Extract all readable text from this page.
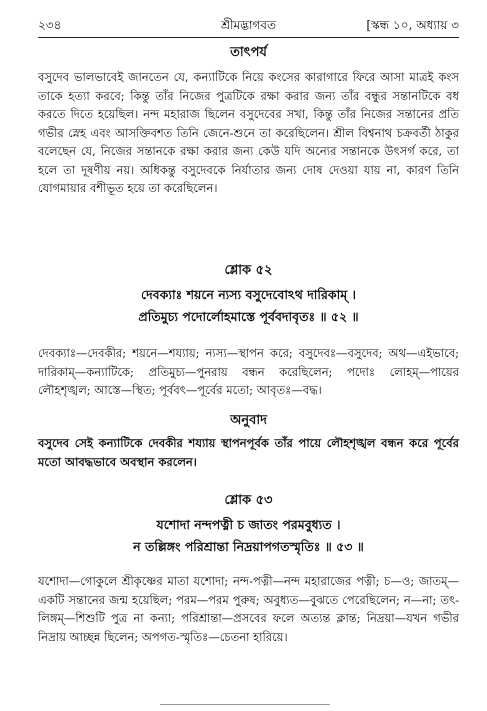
২৩৪	শ্রীমদ্ভাগবত	[স্কন্ধ ১০, অধ্যায় ৩
তাৎপর্য
বসুদেব ভালভাবেই জানতেন যে, কন্যাটিকে নিয়ে কংসের কারাগারে ফিরে আসা মাত্রই কংস তাকে হত্যা করবে; কিন্তু তাঁর নিজের পুত্রটিকে রক্ষা করার জন্য তাঁর বন্ধুর সন্তানটিকে বধ করতে দিতে হয়েছিল। নন্দ মহারাজ ছিলেন বসুদেবের সখা, কিন্তু তাঁর নিজের সন্তানের প্রতি গভীর স্নেহ এবং আসক্তিবশত তিনি জেনে-শুনে তা করেছিলেন। শ্রীল বিশ্বনাথ চক্রবর্তী ঠাকুর বলেছেন যে, নিজের সন্তানকে রক্ষা করার জন্য কেউ যদি অন্যের সন্তানকে উৎসর্গ করে, তা হলে তা দূষণীয় নয়। অধিকন্তু বসুদেবকে নির্যাতার জন্য দোষ দেওয়া যায় না, কারণ তিনি যোগমায়ার বশীভূত হয়ে তা করেছিলেন।
শ্লোক ৫২
দেবক্যাঃ শয়নে ন্যস্য বসুদেবোঽথ দারিকাম্ ।
প্রতিমুচ্য পদোর্লোহমাস্তে পূর্ববদাবৃতঃ ॥ ৫২ ॥
দেবক্যাঃ—দেবকীর; শয়নে—শয্যায়; ন্যস্য—স্থাপন করে; বসুদেবঃ—বসুদেব; অথ—এইভাবে; দারিকাম্—কন্যাটিকে; প্রতিমুচ্য—পুনরায় বন্ধন করেছিলেন; পদোঃ লোহম্—পায়ের লৌহশৃঙ্খল; আস্তে—স্থিত; পূর্ববৎ—পূর্বের মতো; আবৃতঃ—বদ্ধ।
অনুবাদ
বসুদেব সেই কন্যাটিকে দেবকীর শয্যায় স্থাপনপূর্বক তাঁর পায়ে লৌহশৃঙ্খল বন্ধন করে পূর্বের মতো আবদ্ধভাবে অবস্থান করলেন।
শ্লোক ৫৩
যশোদা নন্দপত্নী চ জাতং পরমবুধ্যত ।
ন তল্লিঙ্গং পরিশ্রান্তা নিদ্রয়াপগতস্মৃতিঃ ॥ ৫৩ ॥
যশোদা—গোকুলে শ্রীকৃষ্ণের মাতা যশোদা; নন্দ-পত্নী—নন্দ মহারাজের পত্নী; চ—ও; জাতম্—একটি সন্তানের জন্ম হয়েছিল; পরম—পরম পুরুষ; অবুধ্যত—বুঝতে পেরেছিলেন; ন—না; তৎ-লিঙ্গম্—শিশুটি পুত্র না কন্যা; পরিশ্রান্তা—প্রসবের ফলে অত্যন্ত ক্লান্ত; নিদ্রয়া—যখন গভীর নিদ্রায় আচ্ছন্ন ছিলেন; অপগত-স্মৃতিঃ—চেতনা হারিয়ে।
